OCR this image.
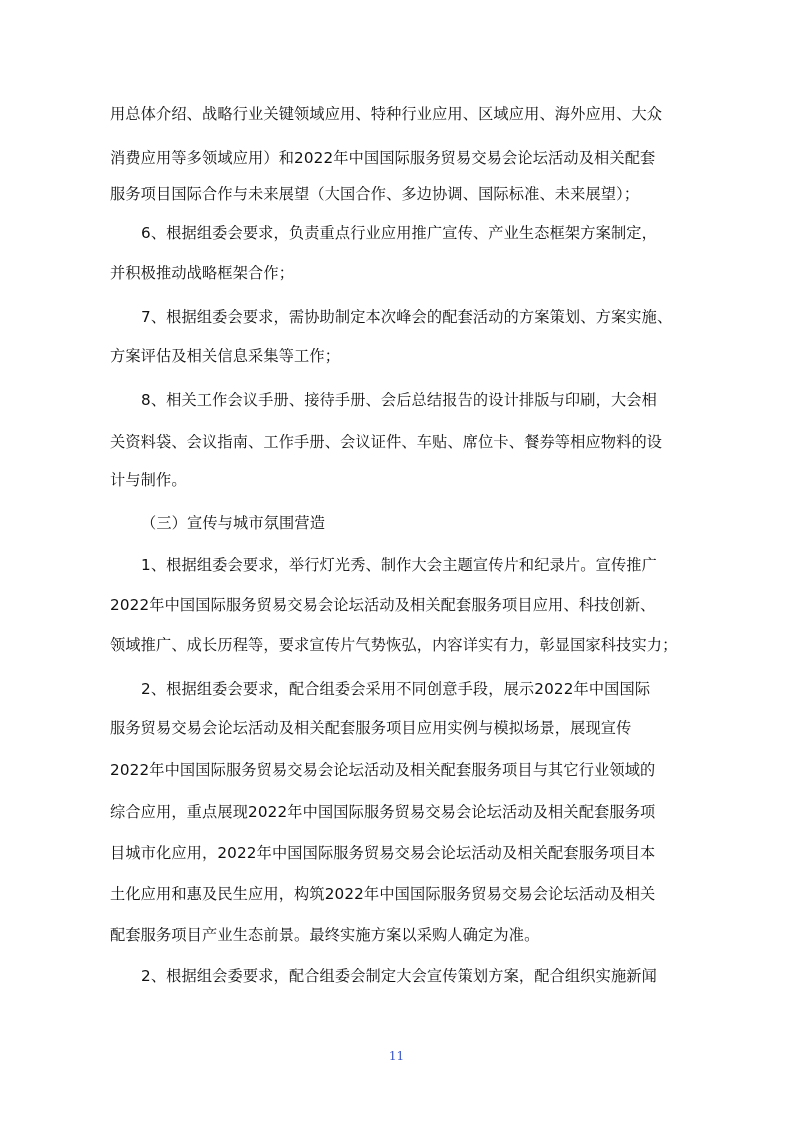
用总体介绍、战略行业关键领域应用、特种行业应用、区域应用、海外应用、大众
消费应用等多领域应用）和2022年中国国际服务贸易交易会论坛活动及相关配套
服务项目国际合作与未来展望（大国合作、多边协调、国际标准、未来展望）；
6、根据组委会要求，负责重点行业应用推广宣传、产业生态框架方案制定，
并积极推动战略框架合作；
7、根据组委会要求，需协助制定本次峰会的配套活动的方案策划、方案实施、
方案评估及相关信息采集等工作；
8、相关工作会议手册、接待手册、会后总结报告的设计排版与印刷，大会相
关资料袋、会议指南、工作手册、会议证件、车贴、席位卡、餐券等相应物料的设
计与制作。
（三）宣传与城市氛围营造
1、根据组委会要求，举行灯光秀、制作大会主题宣传片和纪录片。宣传推广
2022年中国国际服务贸易交易会论坛活动及相关配套服务项目应用、科技创新、
领域推广、成长历程等，要求宣传片气势恢弘，内容详实有力，彰显国家科技实力；
2、根据组委会要求，配合组委会采用不同创意手段，展示2022年中国国际
服务贸易交易会论坛活动及相关配套服务项目应用实例与模拟场景，展现宣传
2022年中国国际服务贸易交易会论坛活动及相关配套服务项目与其它行业领域的
综合应用，重点展现2022年中国国际服务贸易交易会论坛活动及相关配套服务项
目城市化应用，2022年中国国际服务贸易交易会论坛活动及相关配套服务项目本
土化应用和惠及民生应用，构筑2022年中国国际服务贸易交易会论坛活动及相关
配套服务项目产业生态前景。最终实施方案以采购人确定为准。
2、根据组会委要求，配合组委会制定大会宣传策划方案，配合组织实施新闻
11
